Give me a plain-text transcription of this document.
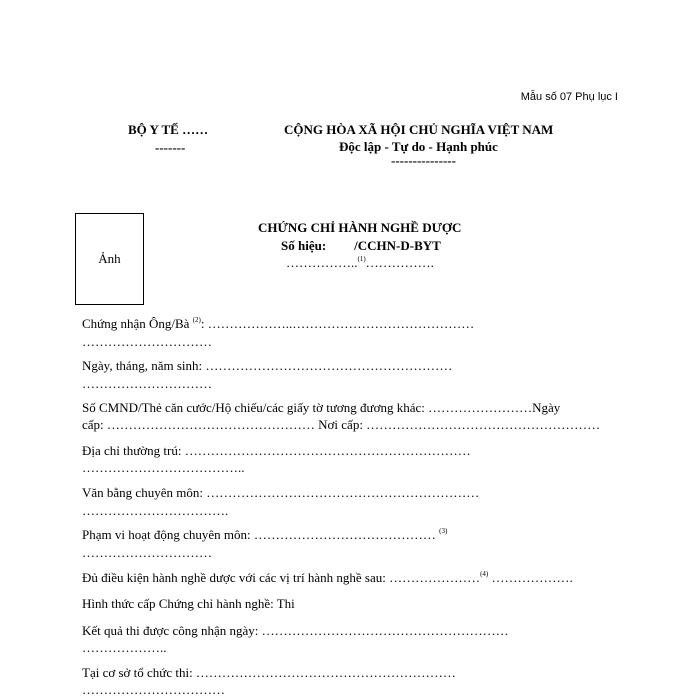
Mẫu số 07 Phụ lục I
BỘ Y TẾ ……
-------
CỘNG HÒA XÃ HỘI CHỦ NGHĨA VIỆT NAM
Độc lập - Tự do - Hạnh phúc
---------------
Ảnh
CHỨNG CHỈ HÀNH NGHỀ DƯỢC
Số hiệu: /CCHN-D-BYT
……………..$^{(1)}$…………….
Chứng nhận Ông/Bà $^{(2)}$: ………………..……………………………………
…………………………
Ngày, tháng, năm sinh: …………………………………………………
…………………………
Số CMND/Thẻ căn cước/Hộ chiếu/các giấy tờ tương đương khác: ……………………Ngày
cấp: ………………………………………… Nơi cấp: ………………………………………………
Địa chỉ thường trú: …………………………………………………………
………………………………..
Văn bằng chuyên môn: ………………………………………………………
…………………………….
Phạm vi hoạt động chuyên môn: …………………………………… $^{(3)}$
…………………………
Đủ điều kiện hành nghề dược với các vị trí hành nghề sau: …………………$^{(4)}$ ……………….
Hình thức cấp Chứng chỉ hành nghề: Thi
Kết quả thi được công nhận ngày: …………………………………………………
………………..
Tại cơ sở tổ chức thi: ……………………………………………………
……………………………
